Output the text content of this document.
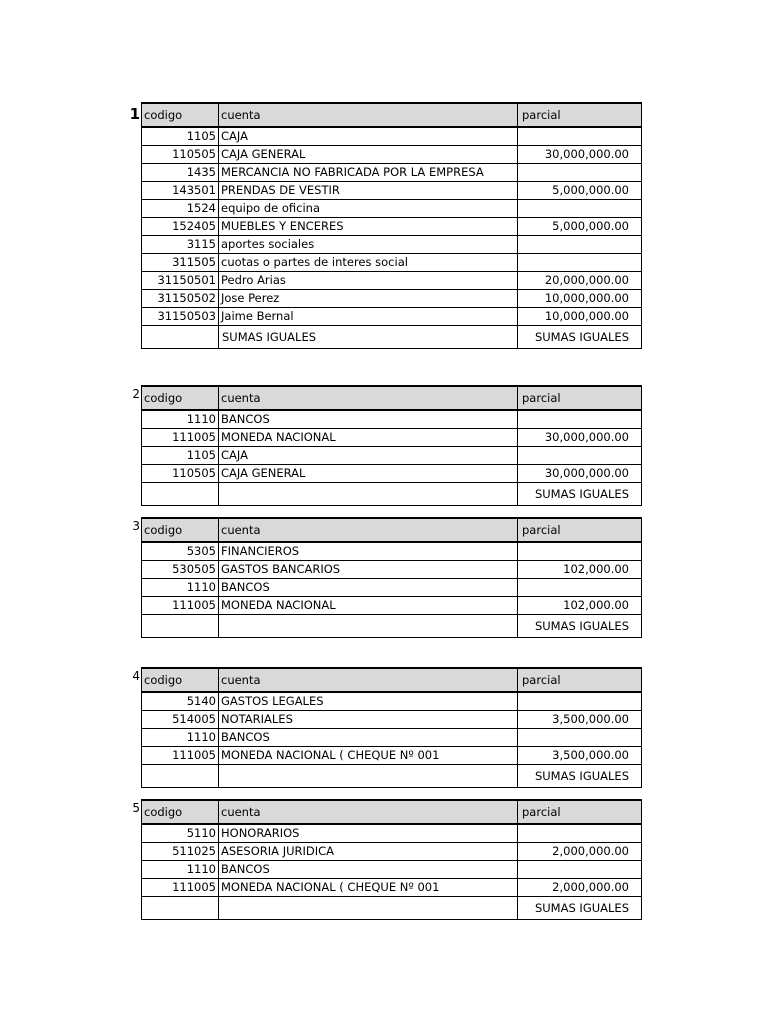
1 codigo	cuenta	parcial
1105	CAJA	
110505	CAJA GENERAL	30,000,000.00
1435	MERCANCIA NO FABRICADA POR LA EMPRESA	
143501	PRENDAS DE VESTIR	5,000,000.00
1524	equipo de oficina	
152405	MUEBLES Y ENCERES	5,000,000.00
3115	aportes sociales	
311505	cuotas o partes de interes social	
31150501	Pedro Arias	20,000,000.00
31150502	Jose Perez	10,000,000.00
31150503	Jaime Bernal	10,000,000.00
	SUMAS IGUALES	SUMAS IGUALES
2 codigo	cuenta	parcial
1110	BANCOS	
111005	MONEDA NACIONAL	30,000,000.00
1105	CAJA	
110505	CAJA GENERAL	30,000,000.00
		SUMAS IGUALES
3 codigo	cuenta	parcial
5305	FINANCIEROS	
530505	GASTOS BANCARIOS	102,000.00
1110	BANCOS	
111005	MONEDA NACIONAL	102,000.00
		SUMAS IGUALES
4 codigo	cuenta	parcial
5140	GASTOS LEGALES	
514005	NOTARIALES	3,500,000.00
1110	BANCOS	
111005	MONEDA NACIONAL ( CHEQUE Nº 001	3,500,000.00
		SUMAS IGUALES
5 codigo	cuenta	parcial
5110	HONORARIOS	
511025	ASESORIA JURIDICA	2,000,000.00
1110	BANCOS	
111005	MONEDA NACIONAL ( CHEQUE Nº 001	2,000,000.00
		SUMAS IGUALES
